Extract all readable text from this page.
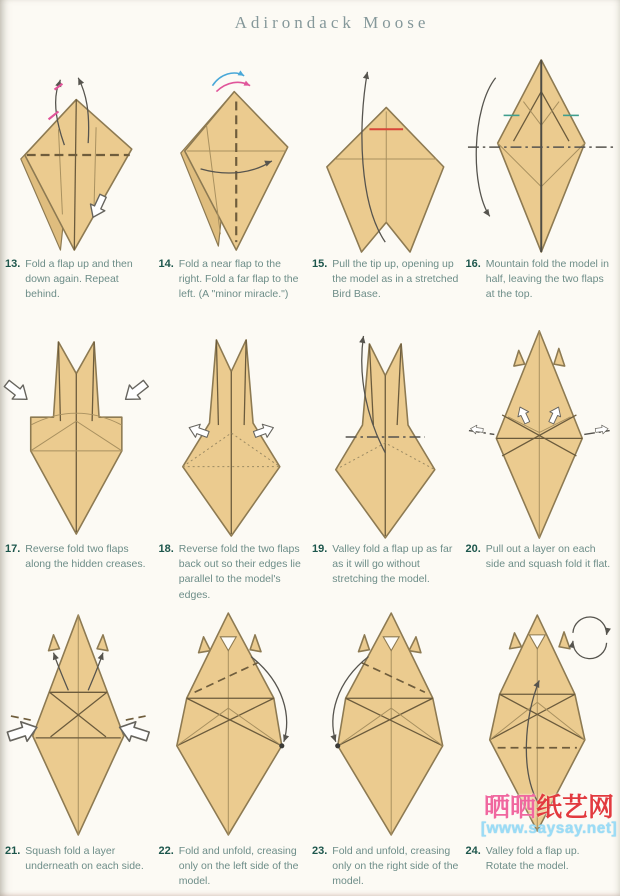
Adirondack Moose
13. Fold a flap up and then down again. Repeat behind.
14. Fold a near flap to the right. Fold a far flap to the left. (A "minor miracle.")
15. Pull the tip up, opening up the model as in a stretched Bird Base.
16. Mountain fold the model in half, leaving the two flaps at the top.
17. Reverse fold two flaps along the hidden creases.
18. Reverse fold the two flaps back out so their edges lie parallel to the model's edges.
19. Valley fold a flap up as far as it will go without stretching the model.
20. Pull out a layer on each side and squash fold it flat.
21. Squash fold a layer underneath on each side.
22. Fold and unfold, creasing only on the left side of the model.
23. Fold and unfold, creasing only on the right side of the model.
24. Valley fold a flap up. Rotate the model.
晒晒纸艺网
[www.saysay.net]
